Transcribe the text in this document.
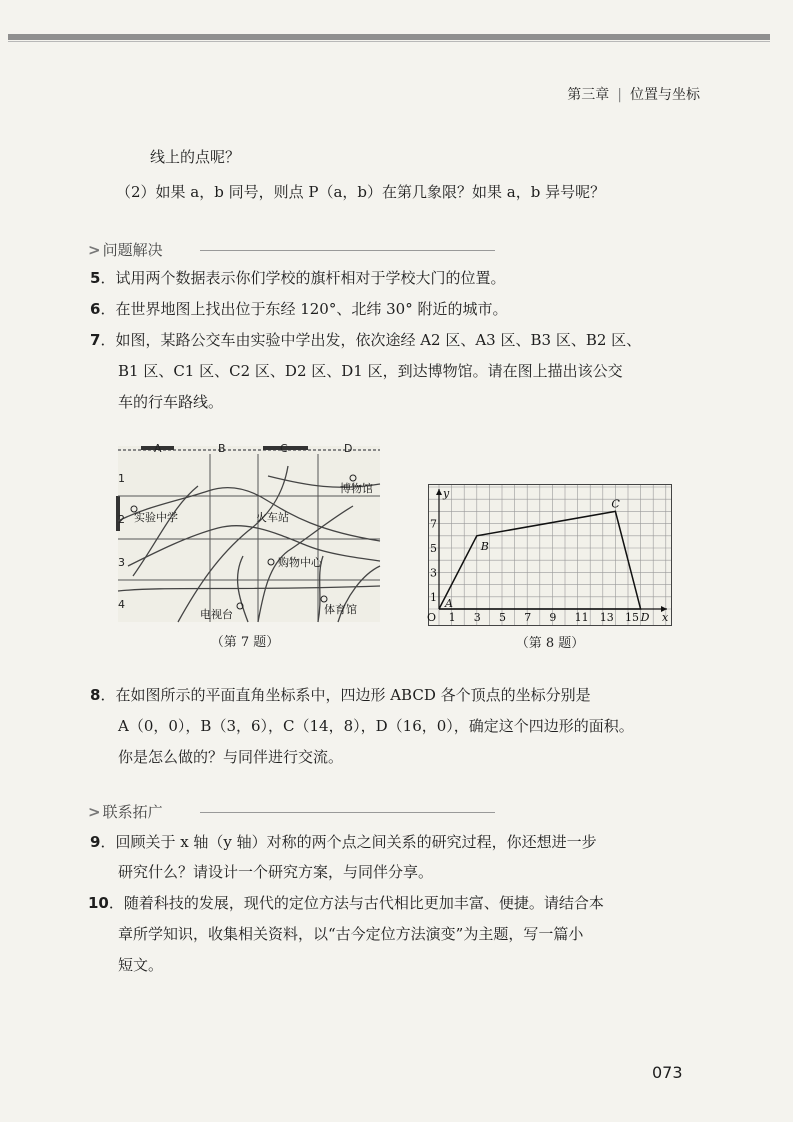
第三章 | 位置与坐标
线上的点呢？
（2）如果 a，b 同号，则点 P（a，b）在第几象限？如果 a，b 异号呢？
> 问题解决
5．试用两个数据表示你们学校的旗杆相对于学校大门的位置。
6．在世界地图上找出位于东经 120°、北纬 30° 附近的城市。
7．如图，某路公交车由实验中学出发，依次途经 A2 区、A3 区、B3 区、B2 区、
B1 区、C1 区、C2 区、D2 区、D1 区，到达博物馆。请在图上描出该公交
车的行车路线。
A	B	C	D
1
2
3
4
博物馆
实验中学	火车站
购物中心
电视台	体育馆
（第 7 题）
1 3 5 7 9 11 13 15
1
3
5
7
x
y
O
A
B
C
D
（第 8 题）
8．在如图所示的平面直角坐标系中，四边形 ABCD 各个顶点的坐标分别是
A（0，0），B（3，6），C（14，8），D（16，0），确定这个四边形的面积。
你是怎么做的？与同伴进行交流。
> 联系拓广
9．回顾关于 x 轴（y 轴）对称的两个点之间关系的研究过程，你还想进一步
研究什么？请设计一个研究方案，与同伴分享。
10．随着科技的发展，现代的定位方法与古代相比更加丰富、便捷。请结合本
章所学知识，收集相关资料，以“古今定位方法演变”为主题，写一篇小
短文。
073
